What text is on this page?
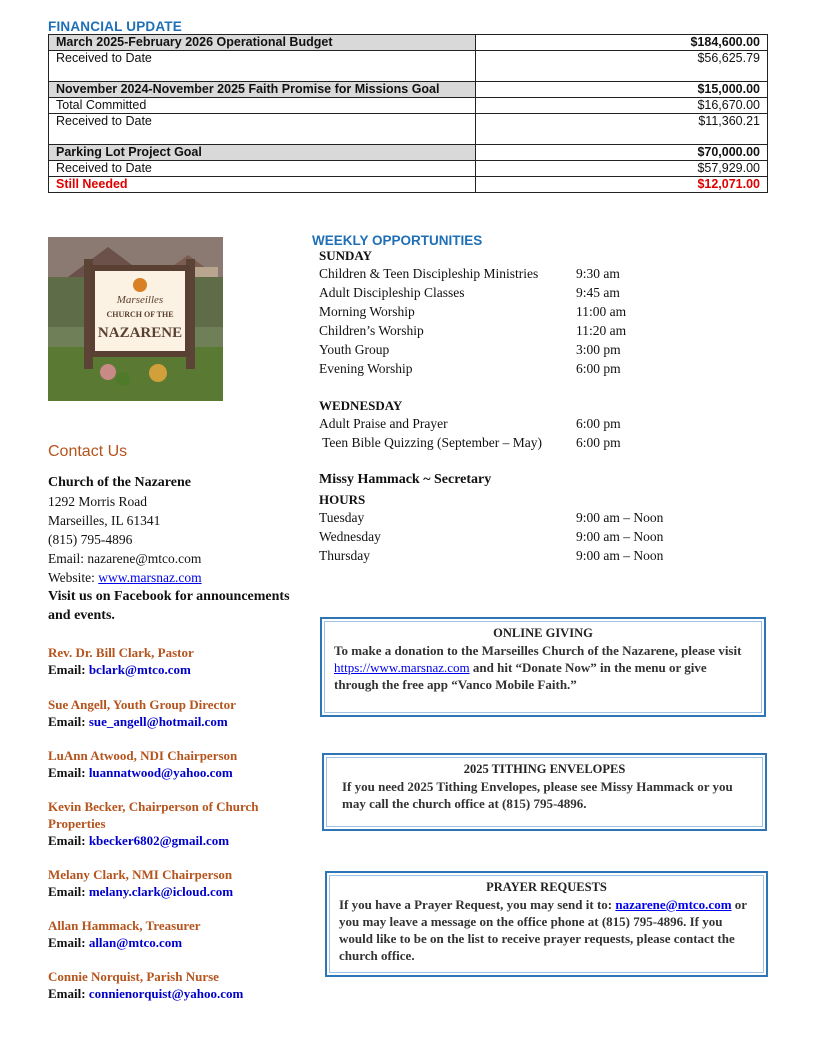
FINANCIAL UPDATE
March 2025-February 2026 Operational Budget	$184,600.00
Received to Date	$56,625.79
November 2024-November 2025 Faith Promise for Missions Goal	$15,000.00
Total Committed	$16,670.00
Received to Date	$11,360.21
Parking Lot Project Goal	$70,000.00
Received to Date	$57,929.00
Still Needed	$12,071.00
Marseilles
CHURCH OF THE
NAZARENE
Contact Us
Church of the Nazarene
1292 Morris Road
Marseilles, IL 61341
(815) 795-4896
Email: nazarene@mtco.com
Website: www.marsnaz.com
Visit us on Facebook for announcements and events.
Rev. Dr. Bill Clark, Pastor
Email: bclark@mtco.com
Sue Angell, Youth Group Director
Email: sue_angell@hotmail.com
LuAnn Atwood, NDI Chairperson
Email: luannatwood@yahoo.com
Kevin Becker, Chairperson of Church Properties
Email: kbecker6802@gmail.com
Melany Clark, NMI Chairperson
Email: melany.clark@icloud.com
Allan Hammack, Treasurer
Email: allan@mtco.com
Connie Norquist, Parish Nurse
Email: connienorquist@yahoo.com
WEEKLY OPPORTUNITIES
SUNDAY
Children & Teen Discipleship Ministries	9:30 am
Adult Discipleship Classes	9:45 am
Morning Worship	11:00 am
Children’s Worship	11:20 am
Youth Group	3:00 pm
Evening Worship	6:00 pm
WEDNESDAY
Adult Praise and Prayer	6:00 pm
Teen Bible Quizzing (September – May)	6:00 pm
Missy Hammack ~ Secretary
HOURS
Tuesday	9:00 am – Noon
Wednesday	9:00 am – Noon
Thursday	9:00 am – Noon
ONLINE GIVING
To make a donation to the Marseilles Church of the Nazarene, please visit https://www.marsnaz.com and hit “Donate Now” in the menu or give through the free app “Vanco Mobile Faith.”
2025 TITHING ENVELOPES
If you need 2025 Tithing Envelopes, please see Missy Hammack or you may call the church office at (815) 795-4896.
PRAYER REQUESTS
If you have a Prayer Request, you may send it to: nazarene@mtco.com or you may leave a message on the office phone at (815) 795-4896. If you would like to be on the list to receive prayer requests, please contact the church office.
